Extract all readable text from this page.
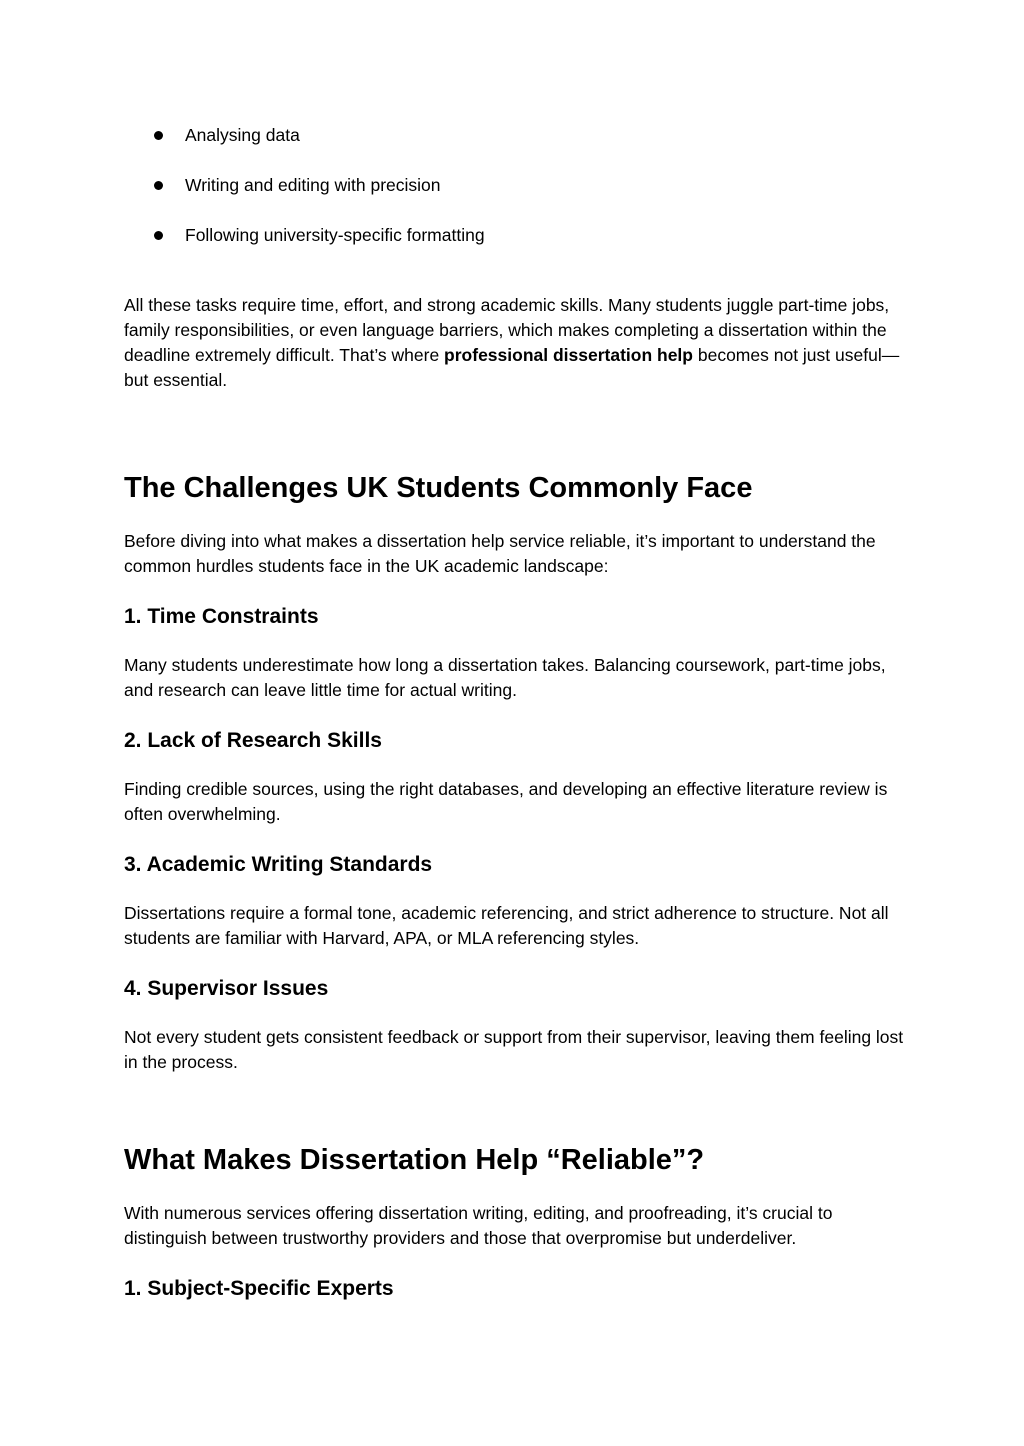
Analysing data
Writing and editing with precision
Following university-specific formatting

All these tasks require time, effort, and strong academic skills. Many students juggle part-time jobs, family responsibilities, or even language barriers, which makes completing a dissertation within the deadline extremely difficult. That’s where professional dissertation help becomes not just useful—but essential.

The Challenges UK Students Commonly Face

Before diving into what makes a dissertation help service reliable, it’s important to understand the common hurdles students face in the UK academic landscape:

1. Time Constraints

Many students underestimate how long a dissertation takes. Balancing coursework, part-time jobs, and research can leave little time for actual writing.

2. Lack of Research Skills

Finding credible sources, using the right databases, and developing an effective literature review is often overwhelming.

3. Academic Writing Standards

Dissertations require a formal tone, academic referencing, and strict adherence to structure. Not all students are familiar with Harvard, APA, or MLA referencing styles.

4. Supervisor Issues

Not every student gets consistent feedback or support from their supervisor, leaving them feeling lost in the process.

What Makes Dissertation Help “Reliable”?

With numerous services offering dissertation writing, editing, and proofreading, it’s crucial to distinguish between trustworthy providers and those that overpromise but underdeliver.

1. Subject-Specific Experts
